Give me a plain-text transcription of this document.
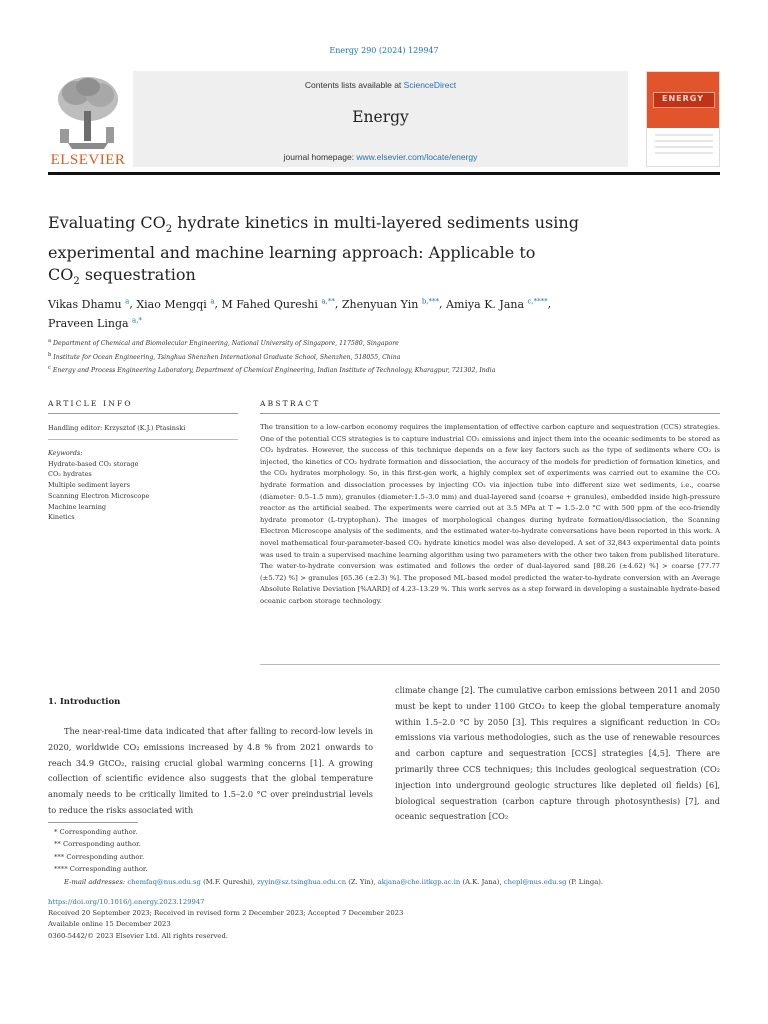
Energy 290 (2024) 129947
ELSEVIER
Contents lists available at ScienceDirect
Energy
journal homepage: www.elsevier.com/locate/energy
ENERGY
Evaluating $CO_2$ hydrate kinetics in multi-layered sediments using
experimental and machine learning approach: Applicable to
$CO_2$ sequestration
Vikas Dhamu $^a$, Xiao Mengqi $^a$, M Fahed Qureshi $^{a,**}$, Zhenyuan Yin $^{b,***}$, Amiya K. Jana $^{c,****}$,
Praveen Linga $^{a,*}$
$^a$ Department of Chemical and Biomolecular Engineering, National University of Singapore, 117580, Singapore
$^b$ Institute for Ocean Engineering, Tsinghua Shenzhen International Graduate School, Shenzhen, 518055, China
$^c$ Energy and Process Engineering Laboratory, Department of Chemical Engineering, Indian Institute of Technology, Kharagpur, 721302, India
ARTICLE INFO
Handling editor: Krzysztof (K.J.) Ptasinski
Keywords:
Hydrate-based CO₂ storage
CO₂ hydrates
Multiple sediment layers
Scanning Electron Microscope
Machine learning
Kinetics
ABSTRACT
The transition to a low-carbon economy requires the implementation of effective carbon capture and sequestration (CCS) strategies. One of the potential CCS strategies is to capture industrial CO₂ emissions and inject them into the oceanic sediments to be stored as CO₂ hydrates. However, the success of this technique depends on a few key factors such as the type of sediments where CO₂ is injected, the kinetics of CO₂ hydrate formation and dissociation, the accuracy of the models for prediction of formation kinetics, and the CO₂ hydrates morphology. So, in this first-gen work, a highly complex set of experiments was carried out to examine the CO₂ hydrate formation and dissociation processes by injecting CO₂ via injection tube into different size wet sediments, i.e., coarse (diameter: 0.5–1.5 mm), granules (diameter:1.5–3.0 mm) and dual-layered sand (coarse + granules), embedded inside high-pressure reactor as the artificial seabed. The experiments were carried out at 3.5 MPa at T = 1.5–2.0 °C with 500 ppm of the eco-friendly hydrate promotor (L-tryptophan). The images of morphological changes during hydrate formation/dissociation, the Scanning Electron Microscope analysis of the sediments, and the estimated water-to-hydrate conversations have been reported in this work. A novel mathematical four-parameter-based CO₂ hydrate kinetics model was also developed. A set of 32,843 experimental data points was used to train a supervised machine learning algorithm using two parameters with the other two taken from published literature. The water-to-hydrate conversion was estimated and follows the order of dual-layered sand [88.26 (±4.62) %] > coarse [77.77 (±5.72) %] > granules [65.36 (±2.3) %]. The proposed ML-based model predicted the water-to-hydrate conversion with an Average Absolute Relative Deviation [%AARD] of 4.23–13.29 %. This work serves as a step forward in developing a sustainable hydrate-based oceanic carbon storage technology.
1. Introduction
The near-real-time data indicated that after falling to record-low levels in 2020, worldwide CO₂ emissions increased by 4.8 % from 2021 onwards to reach 34.9 GtCO₂, raising crucial global warming concerns [1]. A growing collection of scientific evidence also suggests that the global temperature anomaly needs to be critically limited to 1.5–2.0 °C over preindustrial levels to reduce the risks associated with
climate change [2]. The cumulative carbon emissions between 2011 and 2050 must be kept to under 1100 GtCO₂ to keep the global temperature anomaly within 1.5–2.0 °C by 2050 [3]. This requires a significant reduction in CO₂ emissions via various methodologies, such as the use of renewable resources and carbon capture and sequestration [CCS] strategies [4,5]. There are primarily three CCS techniques; this includes geological sequestration (CO₂ injection into underground geologic structures like depleted oil fields) [6], biological sequestration (carbon capture through photosynthesis) [7], and oceanic sequestration [CO₂
* Corresponding author.
** Corresponding author.
*** Corresponding author.
**** Corresponding author.
E-mail addresses: chemfaq@nus.edu.sg (M.F. Qureshi), zyyin@sz.tsinghua.edu.cn (Z. Yin), akjana@che.iitkgp.ac.in (A.K. Jana), chepl@nus.edu.sg (P. Linga).
https://doi.org/10.1016/j.energy.2023.129947
Received 20 September 2023; Received in revised form 2 December 2023; Accepted 7 December 2023
Available online 15 December 2023
0360-5442/© 2023 Elsevier Ltd. All rights reserved.
